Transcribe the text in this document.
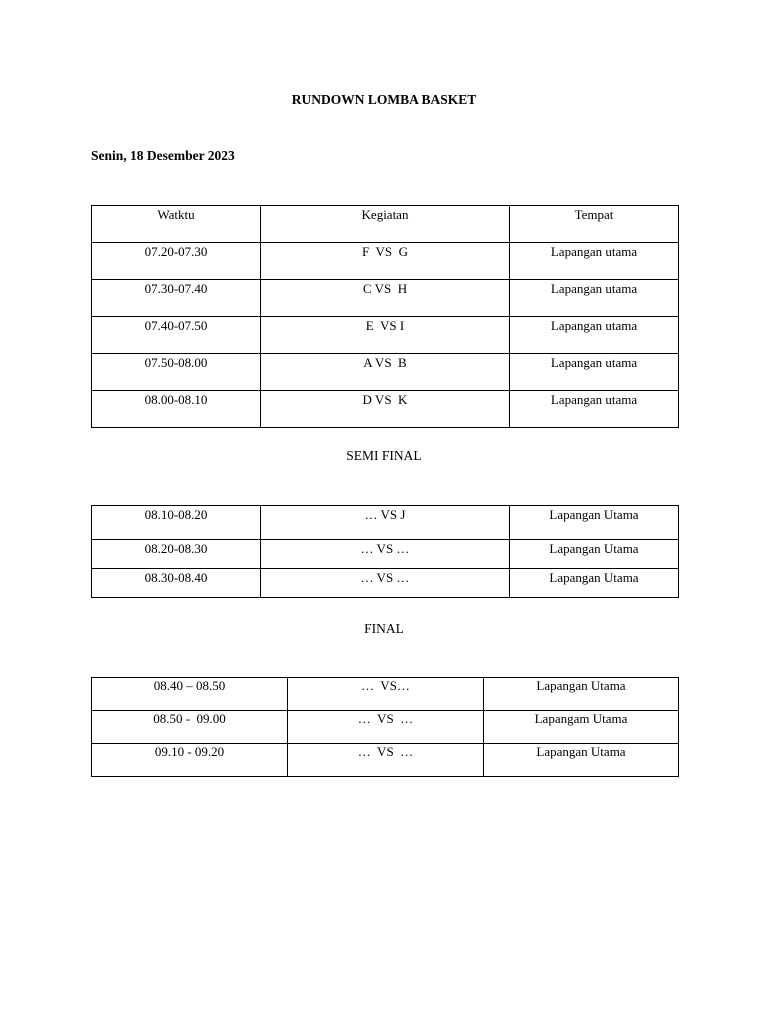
RUNDOWN LOMBA BASKET
Senin, 18 Desember 2023
Watktu	Kegiatan	Tempat
07.20-07.30	F  VS  G	Lapangan utama
07.30-07.40	C VS  H	Lapangan utama
07.40-07.50	E  VS I	Lapangan utama
07.50-08.00	A VS  B	Lapangan utama
08.00-08.10	D VS  K	Lapangan utama
SEMI FINAL
08.10-08.20	… VS J	Lapangan Utama
08.20-08.30	… VS …	Lapangan Utama
08.30-08.40	… VS …	Lapangan Utama
FINAL
08.40 – 08.50	…  VS…	Lapangan Utama
08.50 -  09.00	…  VS  …	Lapangam Utama
09.10 - 09.20	…  VS  …	Lapangan Utama
